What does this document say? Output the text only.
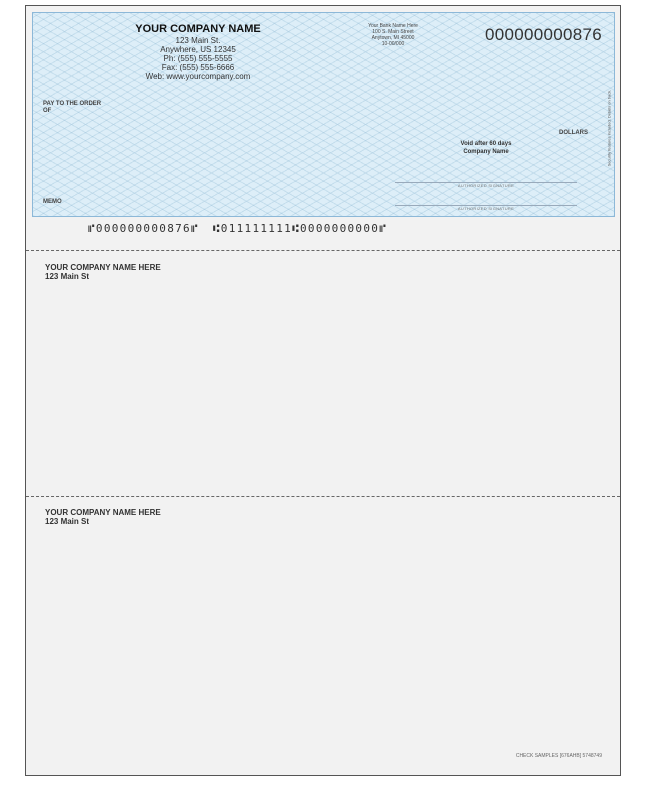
YOUR COMPANY NAME
123 Main St.
Anywhere, US 12345
Ph: (555) 555-5555
Fax: (555) 555-6666
Web: www.yourcompany.com
Your Bank Name Here
100 S. Main Street
Anytown, MI 45000
10-00/000	000000000876
PAY TO THE ORDER OF
DOLLARS
Void after 60 days
Company Name
AUTHORIZED SIGNATURE
AUTHORIZED SIGNATURE
MEMO
Security features included. Details on back.
⑈000000000876⑈ ⑆011111111⑆0000000000⑈
YOUR COMPANY NAME HERE
123 Main St
YOUR COMPANY NAME HERE
123 Main St
CHECK SAMPLES [676AHB] 5748749
